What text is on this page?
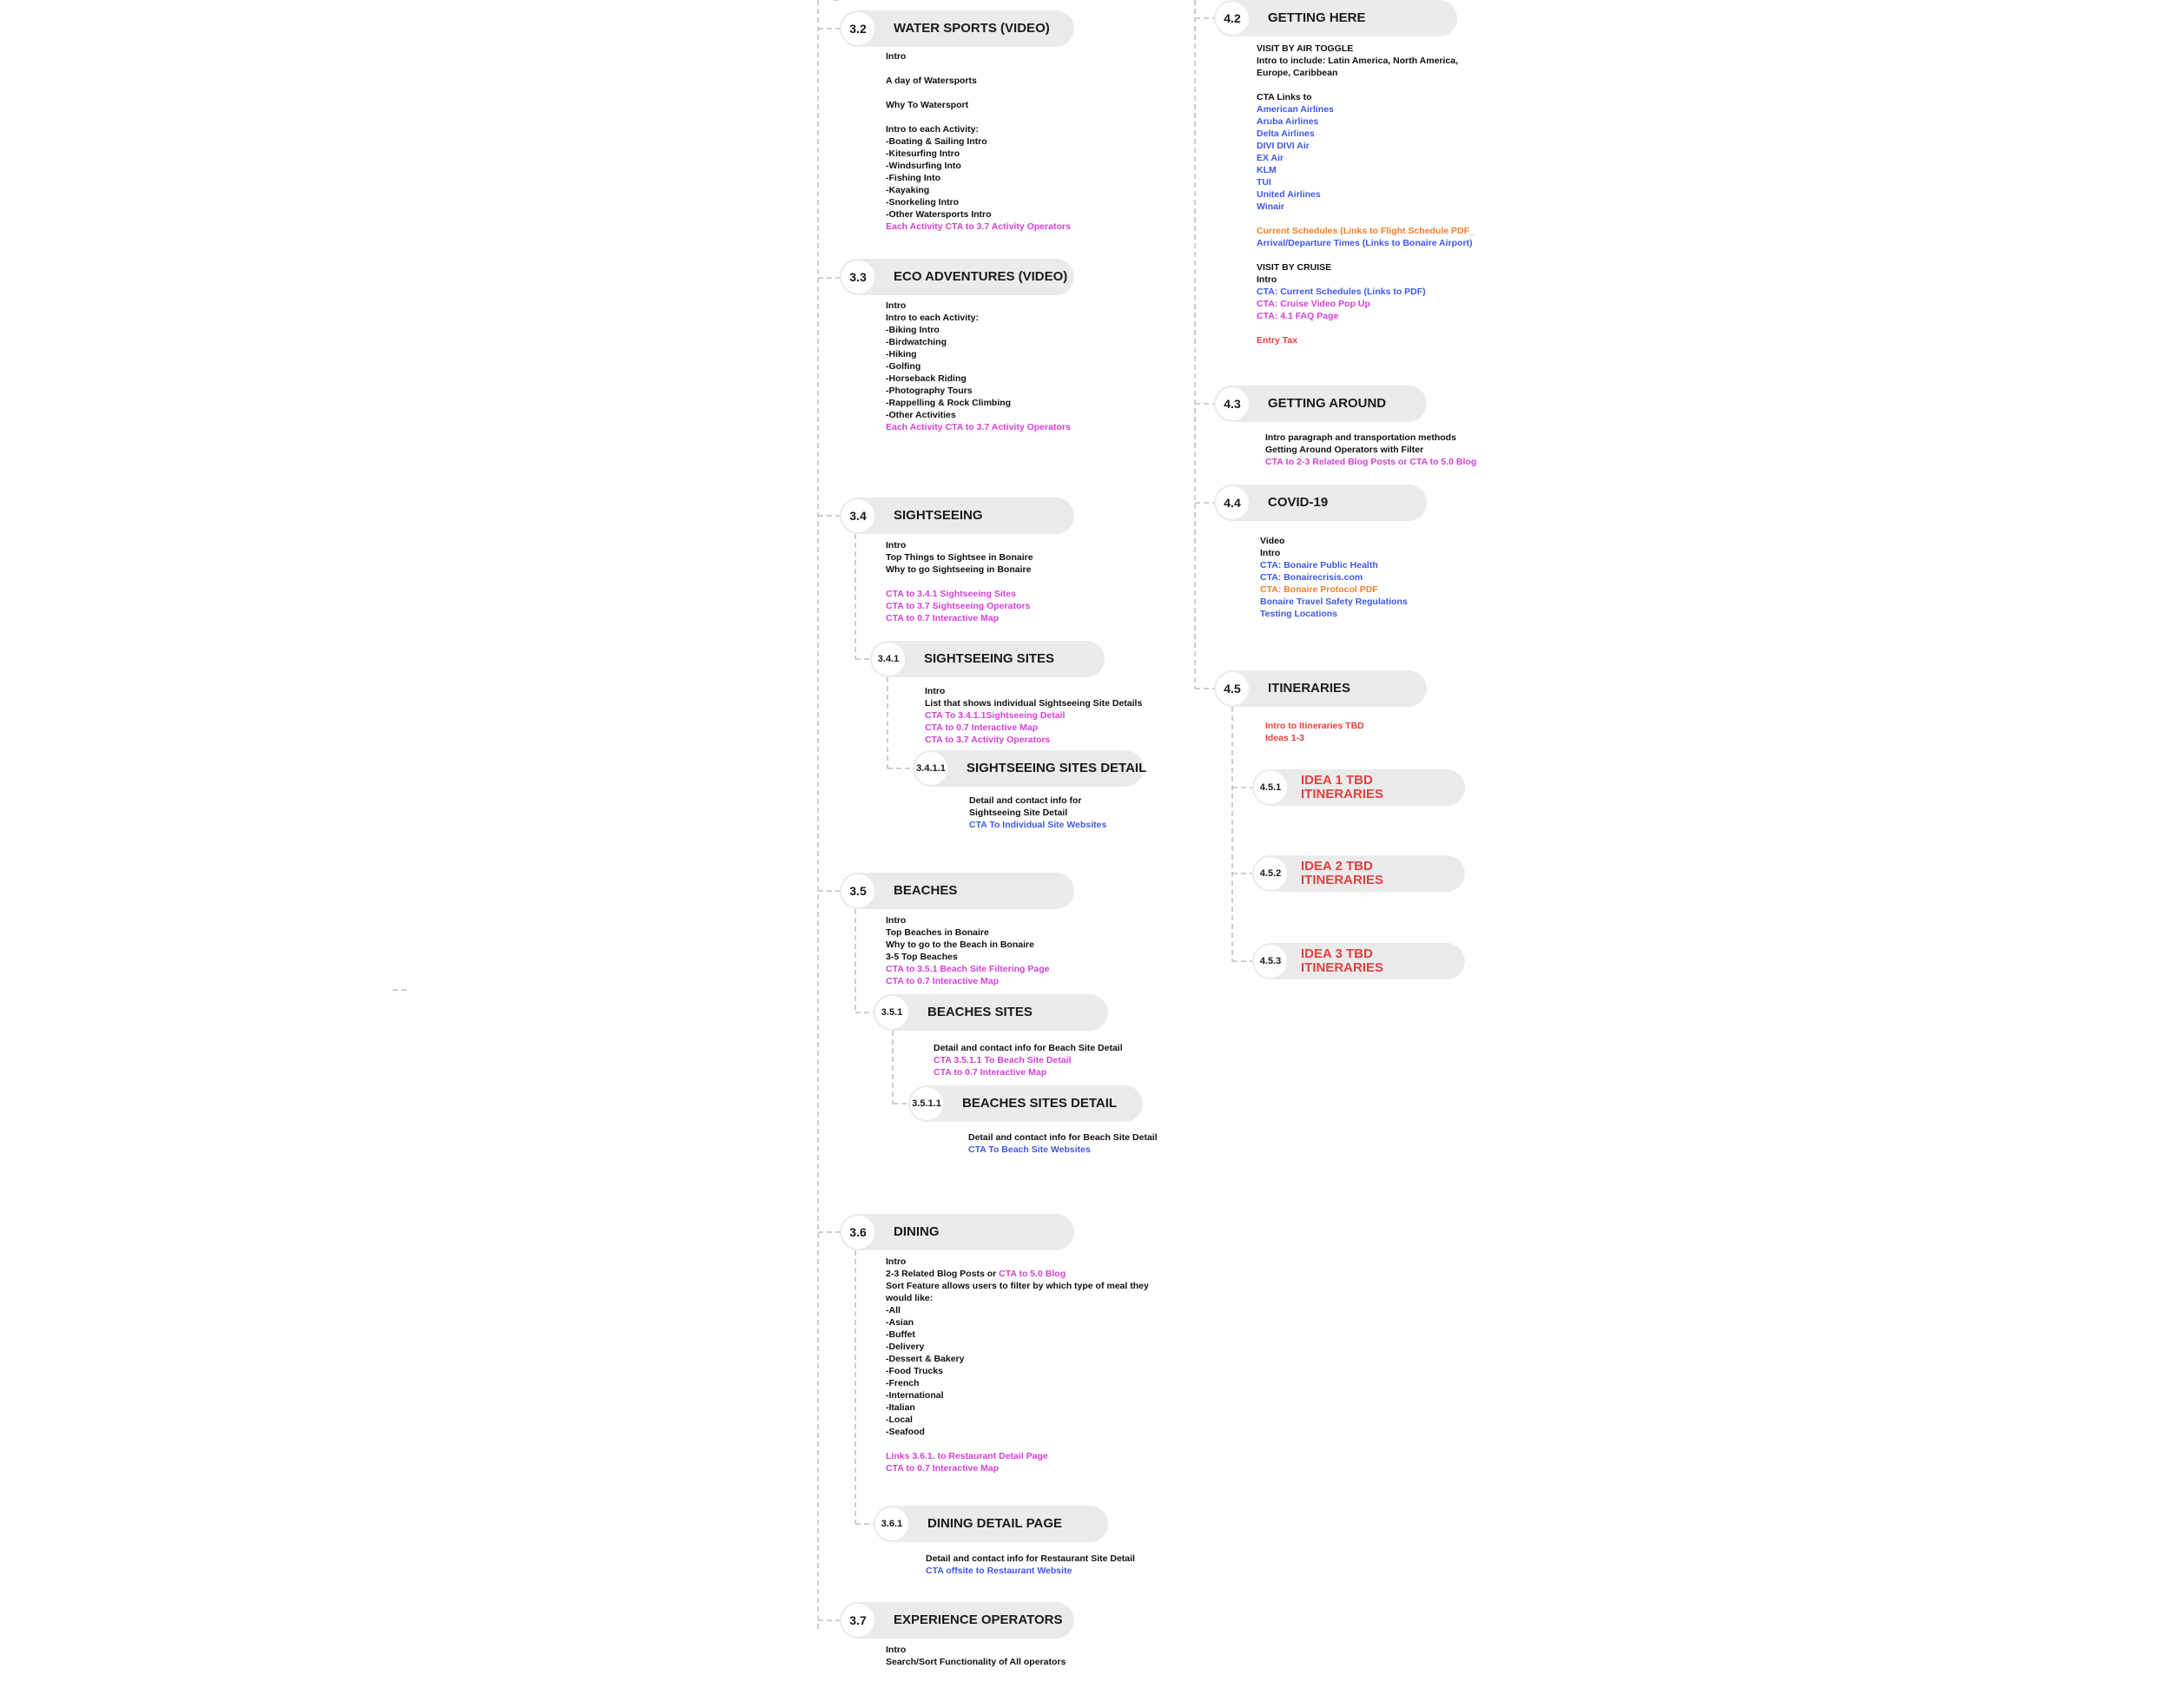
3.2	WATER SPORTS (VIDEO)
3.3	ECO ADVENTURES (VIDEO)
3.4	SIGHTSEEING
3.4.1	SIGHTSEEING SITES
3.4.1.1 SIGHTSEEING SITES DETAIL
3.5	BEACHES
3.5.1	BEACHES SITES
3.5.1.1 BEACHES SITES DETAIL
3.6	DINING
3.6.1	DINING DETAIL PAGE
3.7	EXPERIENCE OPERATORS
4.2	GETTING HERE
4.3	GETTING AROUND
4.4	COVID-19
4.5	ITINERARIES
4.5.1	IDEA 1 TBD
ITINERARIES
4.5.2	IDEA 2 TBD
ITINERARIES
4.5.3	IDEA 3 TBD
ITINERARIES
Intro
A day of Watersports
Why To Watersport
Intro to each Activity:
-Boating & Sailing Intro
-Kitesurfing Intro
-Windsurfing Into
-Fishing Into
-Kayaking
-Snorkeling Intro
-Other Watersports Intro
Each Activity CTA to 3.7 Activity Operators
Intro
Intro to each Activity:
-Biking Intro
-Birdwatching
-Hiking
-Golfing
-Horseback Riding
-Photography Tours
-Rappelling & Rock Climbing
-Other Activities
Each Activity CTA to 3.7 Activity Operators
Intro
Top Things to Sightsee in Bonaire
Why to go Sightseeing in Bonaire
CTA to 3.4.1 Sightseeing Sites
CTA to 3.7 Sightseeing Operators
CTA to 0.7 Interactive Map
Intro
List that shows individual Sightseeing Site Details
CTA To 3.4.1.1Sightseeing Detail
CTA to 0.7 Interactive Map
CTA to 3.7 Activity Operators
Detail and contact info for
Sightseeing Site Detail
CTA To Individual Site Websites
Intro
Top Beaches in Bonaire
Why to go to the Beach in Bonaire
3-5 Top Beaches
CTA to 3.5.1 Beach Site Filtering Page
CTA to 0.7 Interactive Map
Detail and contact info for Beach Site Detail
CTA 3.5.1.1 To Beach Site Detail
CTA to 0.7 Interactive Map
Detail and contact info for Beach Site Detail
CTA To Beach Site Websites
Intro
2-3 Related Blog Posts or CTA to 5.0 Blog
Sort Feature allows users to filter by which type of meal they
would like:
-All
-Asian
-Buffet
-Delivery
-Dessert & Bakery
-Food Trucks
-French
-International
-Italian
-Local
-Seafood
Links 3.6.1. to Restaurant Detail Page
CTA to 0.7 Interactive Map
Detail and contact info for Restaurant Site Detail
CTA offsite to Restaurant Website
Intro
Search/Sort Functionality of All operators
VISIT BY AIR TOGGLE
Intro to include: Latin America, North America,
Europe, Caribbean
CTA Links to
American Airlines
Aruba Airlines
Delta Airlines
DIVI DIVI Air
EX Air
KLM
TUI
United Airlines
Winair
Current Schedules (Links to Flight Schedule PDF_
Arrival/Departure Times (Links to Bonaire Airport)
VISIT BY CRUISE
Intro
CTA: Current Schedules (Links to PDF)
CTA: Cruise Video Pop Up
CTA: 4.1 FAQ Page
Entry Tax
Intro paragraph and transportation methods
Getting Around Operators with Filter
CTA to 2-3 Related Blog Posts or CTA to 5.0 Blog
Video
Intro
CTA: Bonaire Public Health
CTA: Bonairecrisis.com
CTA: Bonaire Protocol PDF
Bonaire Travel Safety Regulations
Testing Locations
Intro to Itineraries TBD
Ideas 1-3
